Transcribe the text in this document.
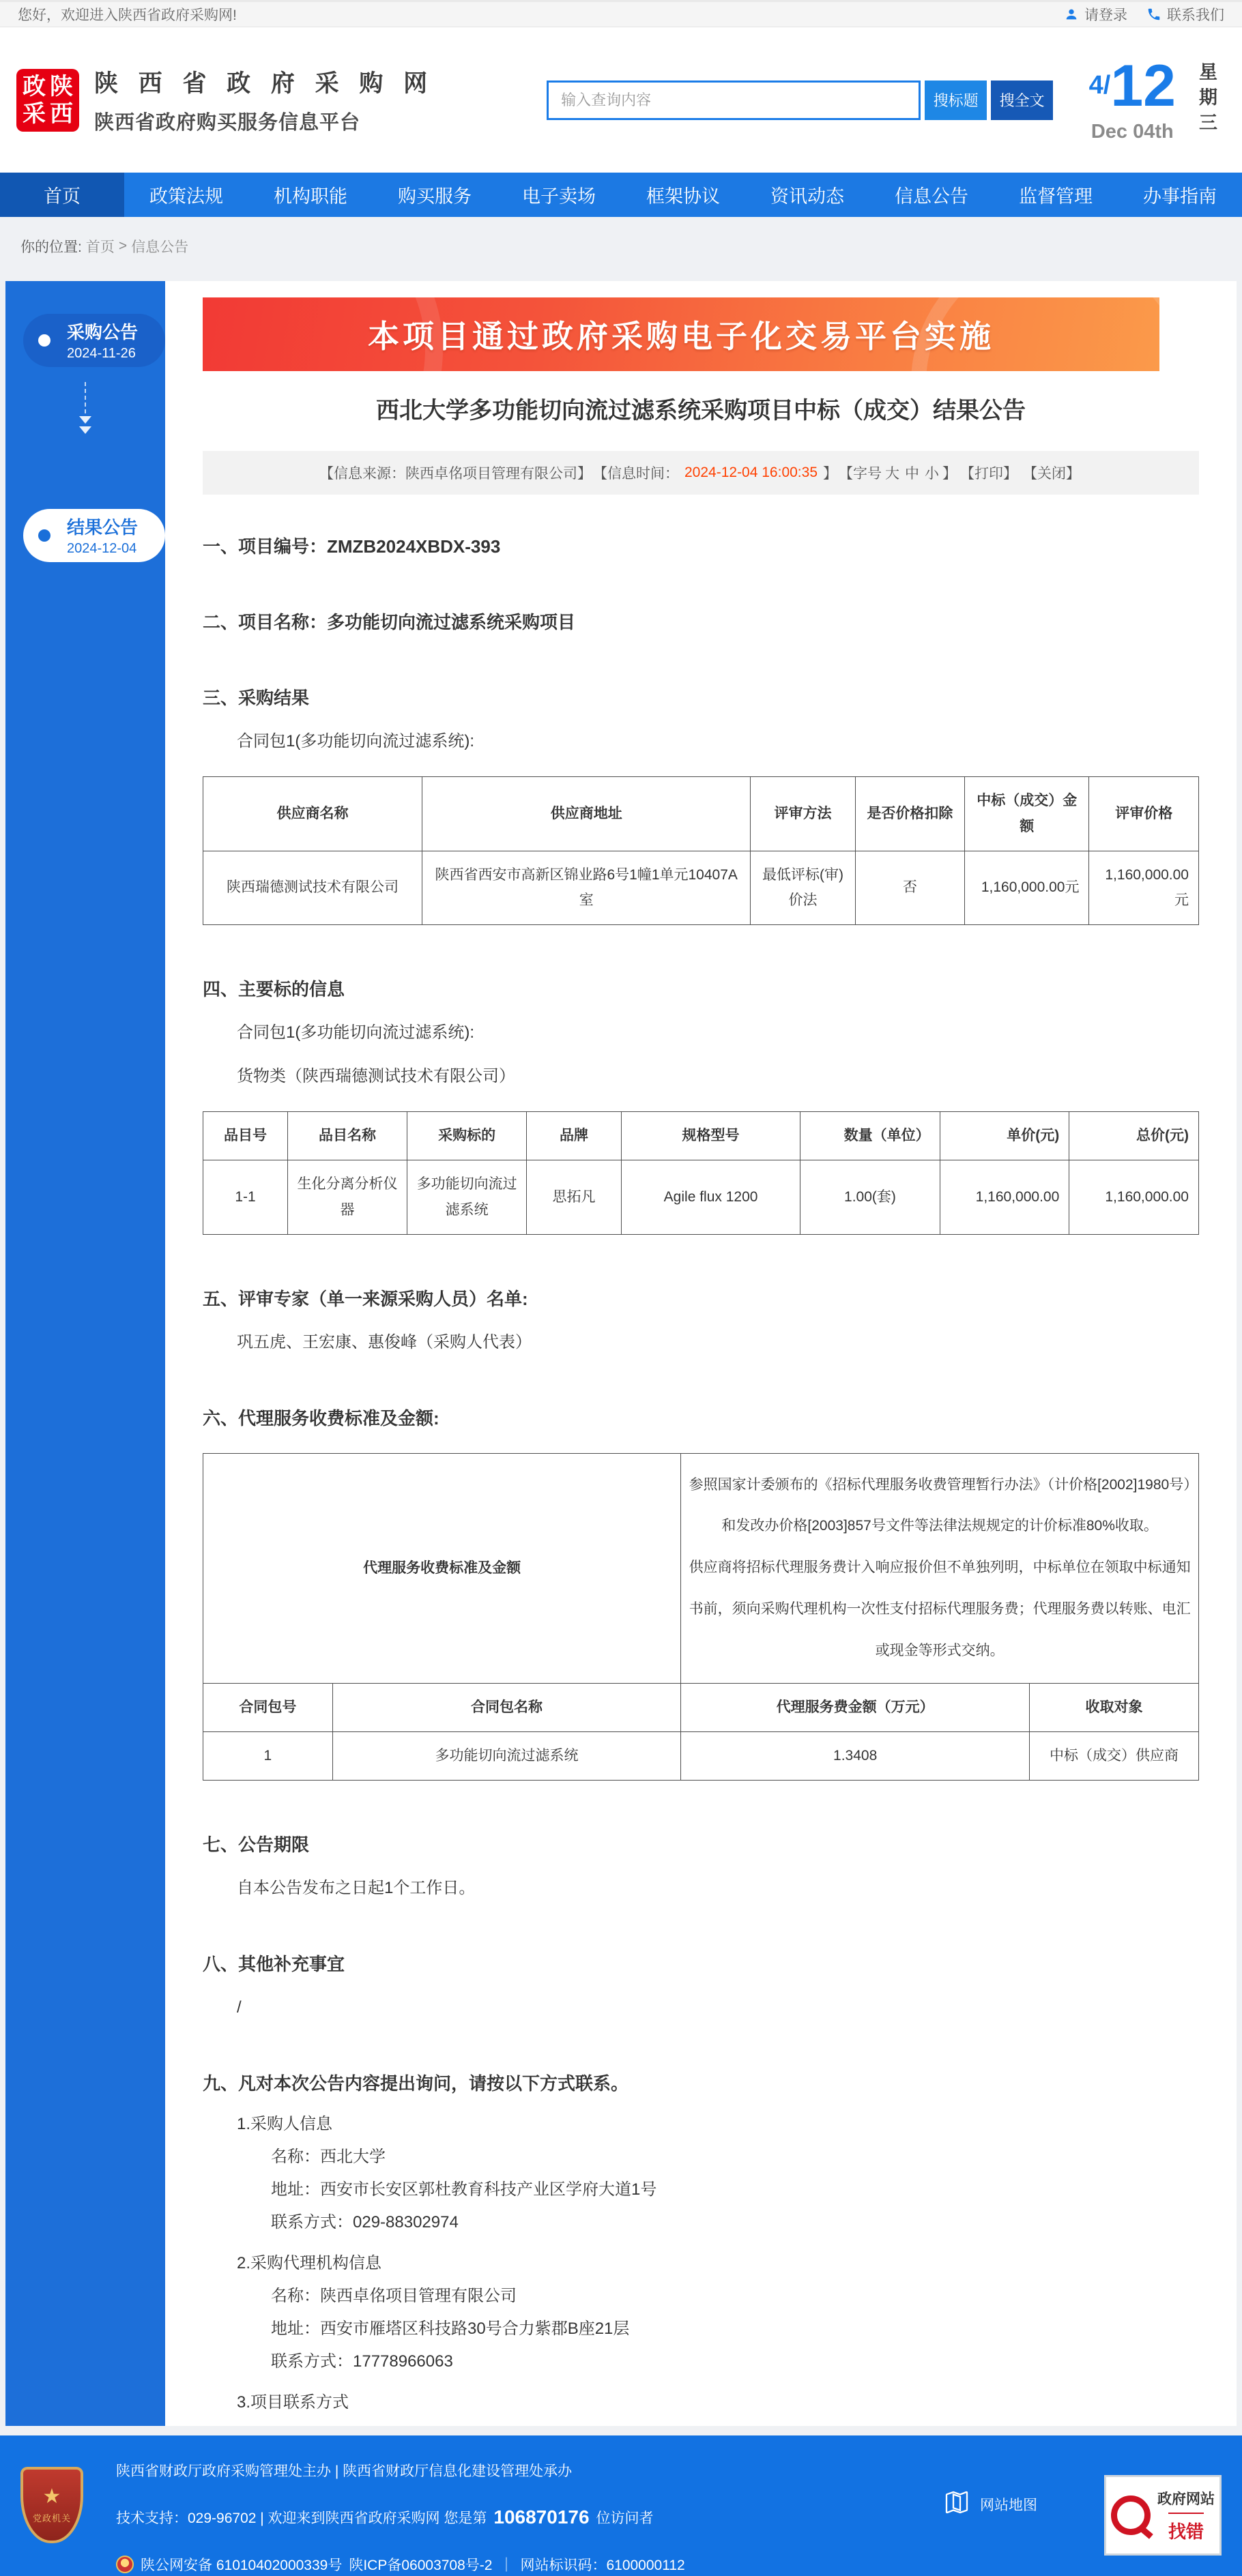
您好，欢迎进入陕西省政府采购网!	请登录	联系我们
政 陕
采 西
陕 西 省 政 府 采 购 网
陕西省政府购买服务信息平台
输入查询内容
搜标题	搜全文
4/12
Dec 04th 星期三
首页	政策法规	机构职能	购买服务	电子卖场	框架协议	资讯动态	信息公告	监督管理	办事指南
你的位置: 首页 > 信息公告
采购公告
2024-11-26
结果公告
2024-12-04
本项目通过政府采购电子化交易平台实施
西北大学多功能切向流过滤系统采购项目中标（成交）结果公告
【信息来源：陕西卓佲项目管理有限公司】 【信息时间： 2024-12-04 16:00:35 】 【字号 大 中 小 】 【打印】 【关闭】
一、项目编号：ZMZB2024XBDX-393
二、项目名称：多功能切向流过滤系统采购项目
三、采购结果
合同包1(多功能切向流过滤系统):
供应商名称	供应商地址	评审方法	是否价格扣除	中标（成交）金额	评审价格
陕西瑞德测试技术有限公司	陕西省西安市高新区锦业路6号1幢1单元10407A室	最低评标(审)价法	否	1,160,000.00元	1,160,000.00元
四、主要标的信息
合同包1(多功能切向流过滤系统):
货物类（陕西瑞德测试技术有限公司）
品目号	品目名称	采购标的	品牌	规格型号	数量（单位）	单价(元)	总价(元)
1-1	生化分离分析仪器	多功能切向流过滤系统	思拓凡	Agile flux 1200	1.00(套)	1,160,000.00	1,160,000.00
五、评审专家（单一来源采购人员）名单:
巩五虎、王宏康、惠俊峰（采购人代表）
六、代理服务收费标准及金额:
代理服务收费标准及金额		参照国家计委颁布的《招标代理服务收费管理暂行办法》（计价格[2002]1980号）和发改办价格[2003]857号文件等法律法规规定的计价标准80%收取。

供应商将招标代理服务费计入响应报价但不单独列明，中标单位在领取中标通知书前，须向采购代理机构一次性支付招标代理服务费；代理服务费以转账、电汇或现金等形式交纳。	

合同包号	合同包名称	代理服务费金额（万元）	收取对象
1	多功能切向流过滤系统	1.3408	中标（成交）供应商
七、公告期限
自本公告发布之日起1个工作日。
八、其他补充事宜
/
九、凡对本次公告内容提出询问，请按以下方式联系。
1.采购人信息
名称：西北大学
地址：西安市长安区郭杜教育科技产业区学府大道1号
联系方式：029-88302974
2.采购代理机构信息
名称：陕西卓佲项目管理有限公司
地址：西安市雁塔区科技路30号合力紫郡B座21层
联系方式：17778966063
3.项目联系方式
★
党政机关
陕西省财政厅政府采购管理处主办 | 陕西省财政厅信息化建设管理处承办
技术支持：029-96702 | 欢迎来到陕西省政府采购网 您是第 106870176 位访问者
陕公网安备 61010402000339号 陕ICP备06003708号-2 ｜ 网站标识码：6100000112
网站地图	政府网站
找错
